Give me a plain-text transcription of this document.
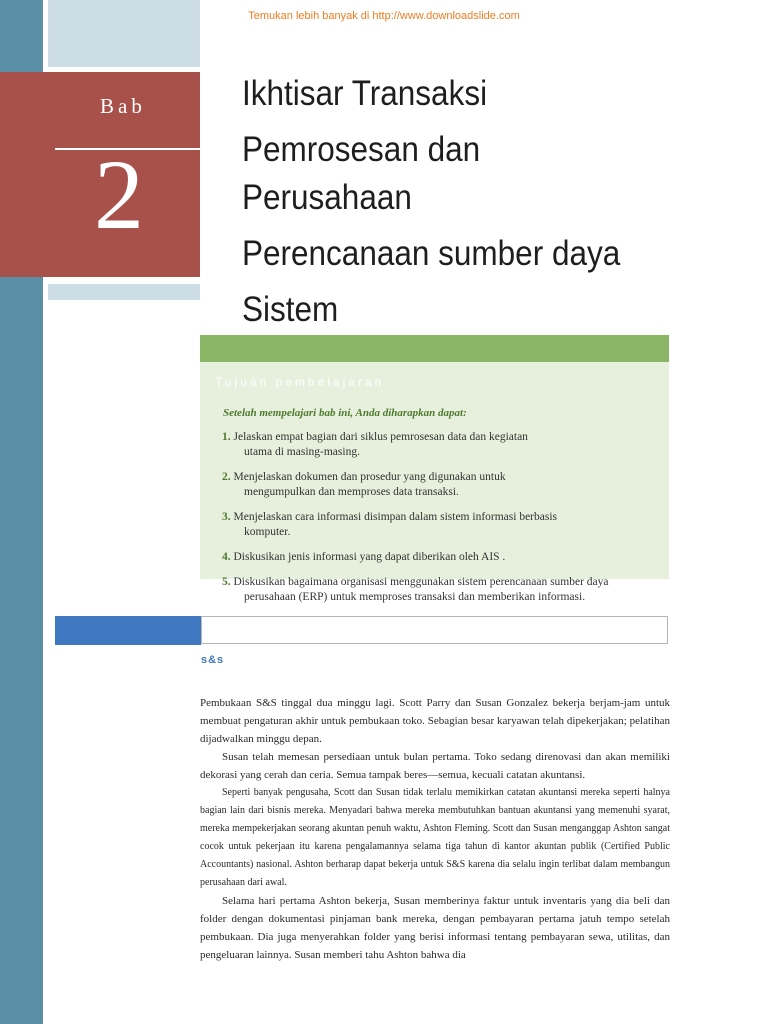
Temukan lebih banyak di http://www.downloadslide.com
Bab
2
Ikhtisar Transaksi
Pemrosesan dan
Perusahaan
Perencanaan sumber daya
Sistem
Tujuan pembelajaran
Setelah mempelajari bab ini, Anda diharapkan dapat:
1. Jelaskan empat bagian dari siklus pemrosesan data dan kegiatan
utama di masing-masing.
2. Menjelaskan dokumen dan prosedur yang digunakan untuk
mengumpulkan dan memproses data transaksi.
3. Menjelaskan cara informasi disimpan dalam sistem informasi berbasis
komputer.
4. Diskusikan jenis informasi yang dapat diberikan oleh AIS .
5. Diskusikan bagaimana organisasi menggunakan sistem perencanaan sumber daya
perusahaan (ERP) untuk memproses transaksi dan memberikan informasi.
s&s

Pembukaan S&S tinggal dua minggu lagi. Scott Parry dan Susan Gonzalez bekerja berjam-jam untuk membuat pengaturan akhir untuk pembukaan toko. Sebagian besar karyawan telah dipekerjakan; pelatihan dijadwalkan minggu depan.

Susan telah memesan persediaan untuk bulan pertama. Toko sedang direnovasi dan akan memiliki dekorasi yang cerah dan ceria. Semua tampak beres—semua, kecuali catatan akuntansi.

Seperti banyak pengusaha, Scott dan Susan tidak terlalu memikirkan catatan akuntansi mereka seperti halnya bagian lain dari bisnis mereka. Menyadari bahwa mereka membutuhkan bantuan akuntansi yang memenuhi syarat, mereka mempekerjakan seorang akuntan penuh waktu, Ashton Fleming. Scott dan Susan menganggap Ashton sangat cocok untuk pekerjaan itu karena pengalamannya selama tiga tahun di kantor akuntan publik (Certified Public Accountants) nasional. Ashton berharap dapat bekerja untuk S&S karena dia selalu ingin terlibat dalam membangun perusahaan dari awal.

Selama hari pertama Ashton bekerja, Susan memberinya faktur untuk inventaris yang dia beli dan folder dengan dokumentasi pinjaman bank mereka, dengan pembayaran pertama jatuh tempo setelah pembukaan. Dia juga menyerahkan folder yang berisi informasi tentang pembayaran sewa, utilitas, dan pengeluaran lainnya. Susan memberi tahu Ashton bahwa dia
